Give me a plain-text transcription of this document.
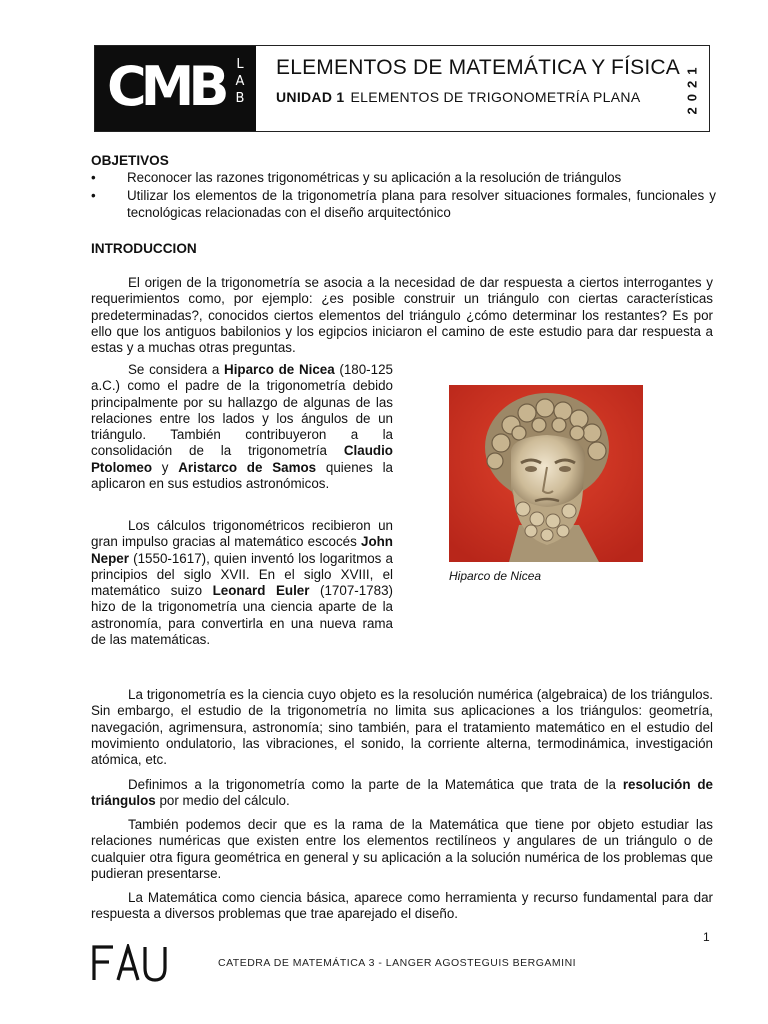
CMB L
A
B
ELEMENTOS DE MATEMÁTICA Y FÍSICA
UNIDAD 1 ELEMENTOS DE TRIGONOMETRÍA PLANA	2021
OBJETIVOS
• Reconocer las razones trigonométricas y su aplicación a la resolución de triángulos
• Utilizar los elementos de la trigonometría plana para resolver situaciones formales, funcionales y tecnológicas relacionadas con el diseño arquitectónico
INTRODUCCION

El origen de la trigonometría se asocia a la necesidad de dar respuesta a ciertos interrogantes y requerimientos como, por ejemplo: ¿es posible construir un triángulo con ciertas características predeterminadas?, conocidos ciertos elementos del triángulo ¿cómo determinar los restantes? Es por ello que los antiguos babilonios y los egipcios iniciaron el camino de este estudio para dar respuesta a estas y a muchas otras preguntas.

Se considera a Hiparco de Nicea (180-125 a.C.) como el padre de la trigonometría debido principalmente por su hallazgo de algunas de las relaciones entre los lados y los ángulos de un triángulo. También contribuyeron a la consolidación de la trigonometría Claudio Ptolomeo y Aristarco de Samos quienes la aplicaron en sus estudios astronómicos.

Los cálculos trigonométricos recibieron un gran impulso gracias al matemático escocés John Neper (1550-1617), quien inventó los logaritmos a principios del siglo XVII. En el siglo XVIII, el matemático suizo Leonard Euler (1707-1783) hizo de la trigonometría una ciencia aparte de la astronomía, para convertirla en una nueva rama de las matemáticas.

Hiparco de Nicea

La trigonometría es la ciencia cuyo objeto es la resolución numérica (algebraica) de los triángulos. Sin embargo, el estudio de la trigonometría no limita sus aplicaciones a los triángulos: geometría, navegación, agrimensura, astronomía; sino también, para el tratamiento matemático en el estudio del movimiento ondulatorio, las vibraciones, el sonido, la corriente alterna, termodinámica, investigación atómica, etc.

Definimos a la trigonometría como la parte de la Matemática que trata de la resolución de triángulos por medio del cálculo.

También podemos decir que es la rama de la Matemática que tiene por objeto estudiar las relaciones numéricas que existen entre los elementos rectilíneos y angulares de un triángulo o de cualquier otra figura geométrica en general y su aplicación a la solución numérica de los problemas que pudieran presentarse.

La Matemática como ciencia básica, aparece como herramienta y recurso fundamental para dar respuesta a diversos problemas que trae aparejado el diseño.

1
CATEDRA DE MATEMÁTICA 3 - LANGER AGOSTEGUIS BERGAMINI
